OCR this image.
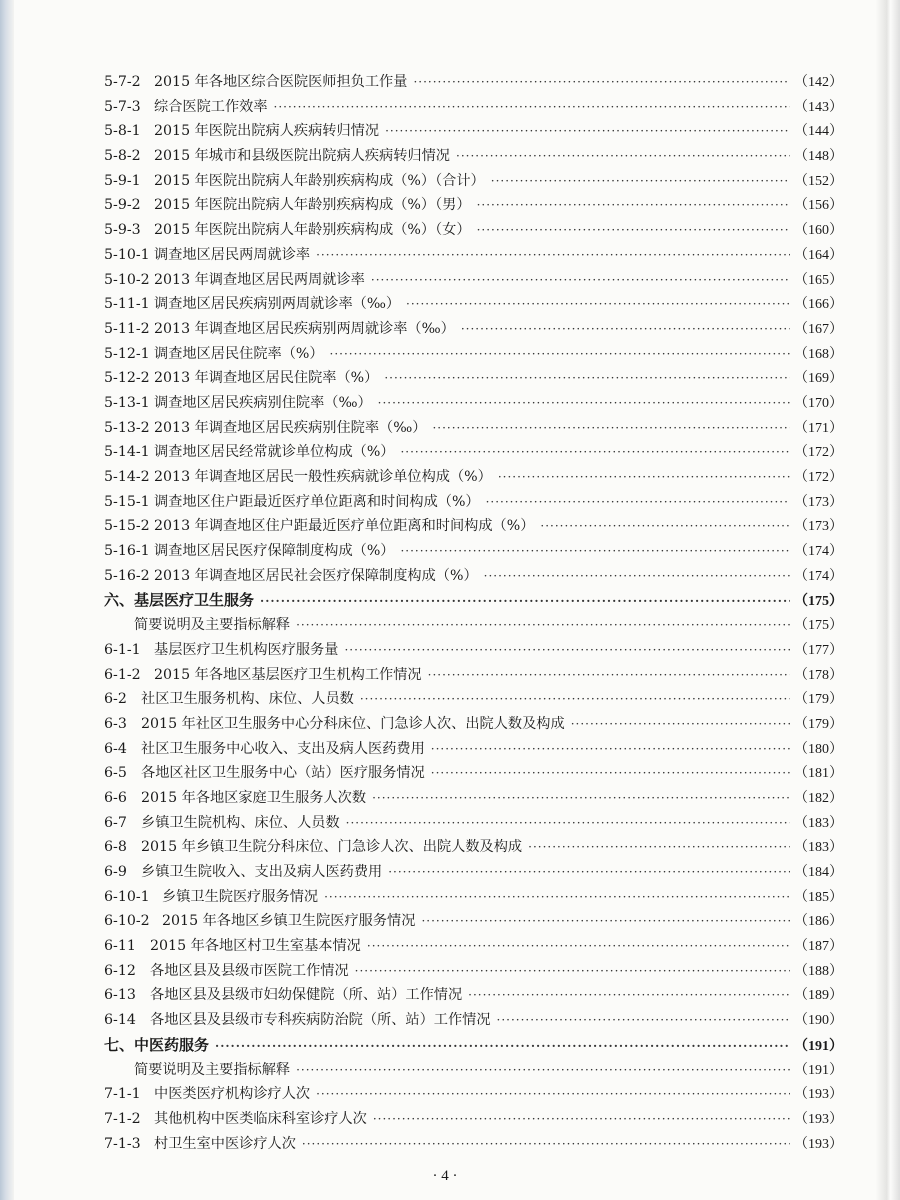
5-7-2 2015 年各地区综合医院医师担负工作量 ·····	（142）
5-7-3 综合医院工作效率 ·····	（143）
5-8-1 2015 年医院出院病人疾病转归情况 ·····	（144）
5-8-2 2015 年城市和县级医院出院病人疾病转归情况 ·····	（148）
5-9-1 2015 年医院出院病人年龄别疾病构成（%）（合计） ·····	（152）
5-9-2 2015 年医院出院病人年龄别疾病构成（%）（男） ·····	（156）
5-9-3 2015 年医院出院病人年龄别疾病构成（%）（女） ·····	（160）
5-10-1 调查地区居民两周就诊率 ·····	（164）
5-10-2 2013 年调查地区居民两周就诊率 ·····	（165）
5-11-1 调查地区居民疾病别两周就诊率（‰） ·····	（166）
5-11-2 2013 年调查地区居民疾病别两周就诊率（‰） ·····	（167）
5-12-1 调查地区居民住院率（%） ·····	（168）
5-12-2 2013 年调查地区居民住院率（%） ·····	（169）
5-13-1 调查地区居民疾病别住院率（‰） ·····	（170）
5-13-2 2013 年调查地区居民疾病别住院率（‰） ·····	（171）
5-14-1 调查地区居民经常就诊单位构成（%） ·····	（172）
5-14-2 2013 年调查地区居民一般性疾病就诊单位构成（%） ·····	（172）
5-15-1 调查地区住户距最近医疗单位距离和时间构成（%） ·····	（173）
5-15-2 2013 年调查地区住户距最近医疗单位距离和时间构成（%） ·····	（173）
5-16-1 调查地区居民医疗保障制度构成（%） ·····	（174）
5-16-2 2013 年调查地区居民社会医疗保障制度构成（%） ·····	（174）
六、基层医疗卫生服务 ·····	（175）
简要说明及主要指标解释 ·····	（175）
6-1-1 基层医疗卫生机构医疗服务量 ·····	（177）
6-1-2 2015 年各地区基层医疗卫生机构工作情况 ·····	（178）
6-2 社区卫生服务机构、床位、人员数 ·····	（179）
6-3 2015 年社区卫生服务中心分科床位、门急诊人次、出院人数及构成 ·····	（179）
6-4 社区卫生服务中心收入、支出及病人医药费用 ·····	（180）
6-5 各地区社区卫生服务中心（站）医疗服务情况 ·····	（181）
6-6 2015 年各地区家庭卫生服务人次数 ·····	（182）
6-7 乡镇卫生院机构、床位、人员数 ·····	（183）
6-8 2015 年乡镇卫生院分科床位、门急诊人次、出院人数及构成 ·····	（183）
6-9 乡镇卫生院收入、支出及病人医药费用 ·····	（184）
6-10-1 乡镇卫生院医疗服务情况 ·····	（185）
6-10-2 2015 年各地区乡镇卫生院医疗服务情况 ·····	（186）
6-11 2015 年各地区村卫生室基本情况 ·····	（187）
6-12 各地区县及县级市医院工作情况 ·····	（188）
6-13 各地区县及县级市妇幼保健院（所、站）工作情况 ·····	（189）
6-14 各地区县及县级市专科疾病防治院（所、站）工作情况 ·····	（190）
七、中医药服务 ·····	（191）
简要说明及主要指标解释 ·····	（191）
7-1-1 中医类医疗机构诊疗人次 ·····	（193）
7-1-2 其他机构中医类临床科室诊疗人次 ·····	（193）
7-1-3 村卫生室中医诊疗人次 ·····	（193）
· 4 ·
